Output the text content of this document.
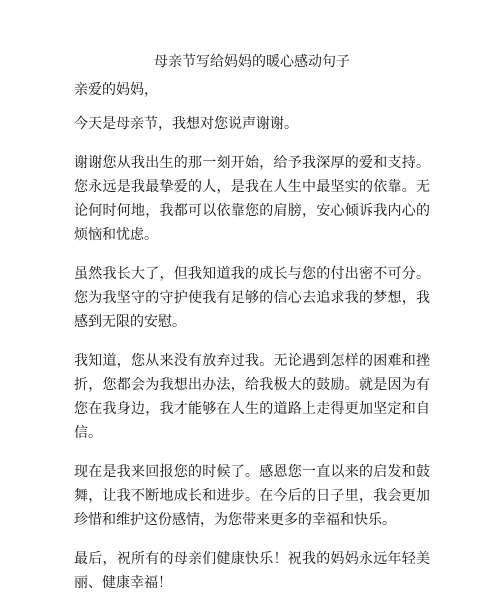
母亲节写给妈妈的暖心感动句子

亲爱的妈妈，

今天是母亲节，我想对您说声谢谢。

谢谢您从我出生的那一刻开始，给予我深厚的爱和支持。您永远是我最挚爱的人，是我在人生中最坚实的依靠。无论何时何地，我都可以依靠您的肩膀，安心倾诉我内心的烦恼和忧虑。

虽然我长大了，但我知道我的成长与您的付出密不可分。您为我坚守的守护使我有足够的信心去追求我的梦想，我感到无限的安慰。

我知道，您从来没有放弃过我。无论遇到怎样的困难和挫折，您都会为我想出办法，给我极大的鼓励。就是因为有您在我身边，我才能够在人生的道路上走得更加坚定和自信。

现在是我来回报您的时候了。感恩您一直以来的启发和鼓舞，让我不断地成长和进步。在今后的日子里，我会更加珍惜和维护这份感情，为您带来更多的幸福和快乐。

最后，祝所有的母亲们健康快乐！祝我的妈妈永远年轻美丽、健康幸福！
